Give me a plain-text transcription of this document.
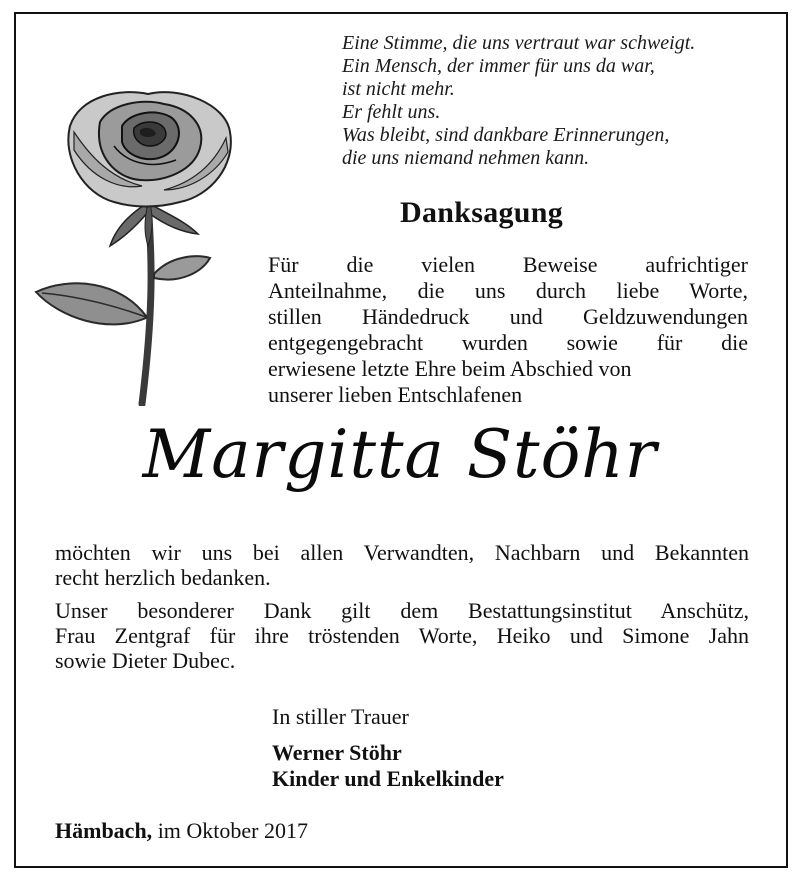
Eine Stimme, die uns vertraut war schweigt.
Ein Mensch, der immer für uns da war,
ist nicht mehr.
Er fehlt uns.
Was bleibt, sind dankbare Erinnerungen,
die uns niemand nehmen kann.
Danksagung
Für die vielen Beweise aufrichtiger
Anteilnahme, die uns durch liebe Worte,
stillen Händedruck und Geldzuwendungen
entgegengebracht wurden sowie für die
erwiesene letzte Ehre beim Abschied von
unserer lieben Entschlafenen
Margitta Stöhr

möchten wir uns bei allen Verwandten, Nachbarn und Bekannten
recht herzlich bedanken.

Unser besonderer Dank gilt dem Bestattungsinstitut Anschütz,
Frau Zentgraf für ihre tröstenden Worte, Heiko und Simone Jahn
sowie Dieter Dubec.

In stiller Trauer
Werner Stöhr
Kinder und Enkelkinder
Hämbach, im Oktober 2017
